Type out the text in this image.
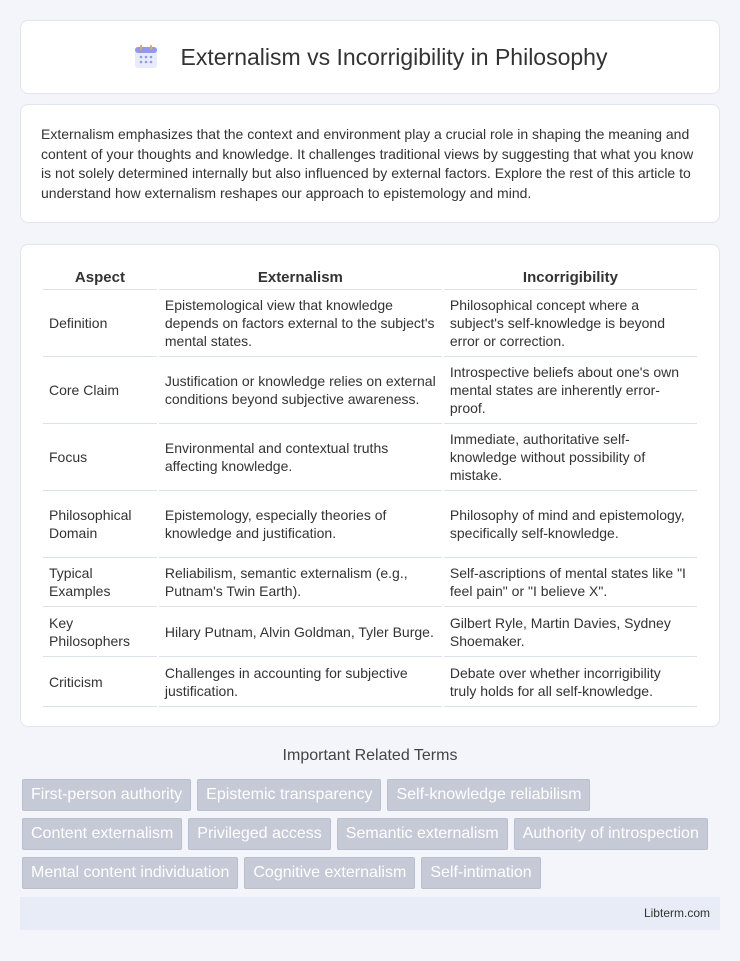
Externalism vs Incorrigibility in Philosophy

Externalism emphasizes that the context and environment play a crucial role in shaping the meaning and content of your thoughts and knowledge. It challenges traditional views by suggesting that what you know is not solely determined internally but also influenced by external factors. Explore the rest of this article to understand how externalism reshapes our approach to epistemology and mind.

Aspect	Externalism	Incorrigibility
Definition	Epistemological view that knowledge depends on factors external to the subject's mental states.	Philosophical concept where a subject's self-knowledge is beyond error or correction.
Core Claim	Justification or knowledge relies on external conditions beyond subjective awareness.	Introspective beliefs about one's own mental states are inherently error-proof.
Focus	Environmental and contextual truths affecting knowledge.	Immediate, authoritative self-knowledge without possibility of mistake.
Philosophical Domain	Epistemology, especially theories of knowledge and justification.	Philosophy of mind and epistemology, specifically self-knowledge.
Typical Examples	Reliabilism, semantic externalism (e.g., Putnam's Twin Earth).	Self-ascriptions of mental states like "I feel pain" or "I believe X".
Key Philosophers	Hilary Putnam, Alvin Goldman, Tyler Burge.	Gilbert Ryle, Martin Davies, Sydney Shoemaker.
Criticism	Challenges in accounting for subjective justification.	Debate over whether incorrigibility truly holds for all self-knowledge.
Important Related Terms
First-person authority	Epistemic transparency	Self-knowledge reliabilism
Content externalism	Privileged access	Semantic externalism	Authority of introspection
Mental content individuation	Cognitive externalism	Self-intimation
Libterm.com
